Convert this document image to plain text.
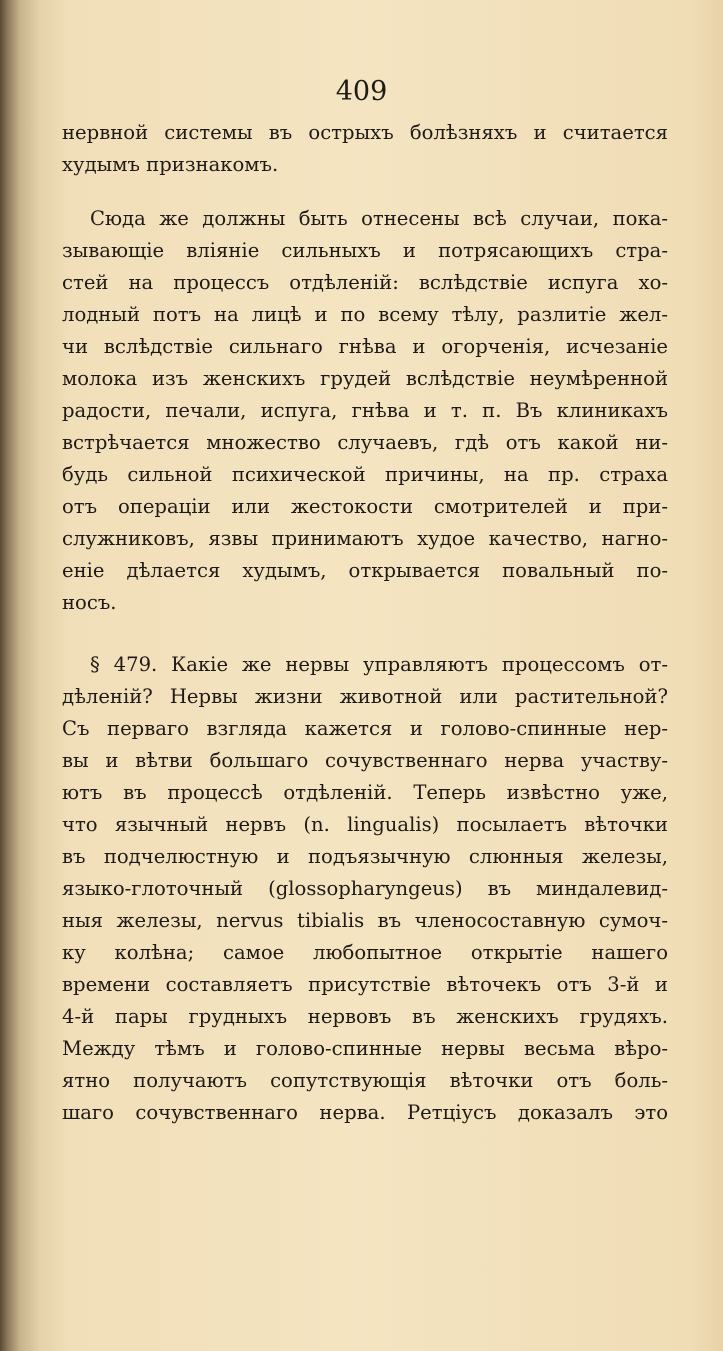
409
нервной системы въ острыхъ болѣзняхъ и считается
худымъ признакомъ.
Сюда же должны быть отнесены всѣ случаи, пока-
зывающіе вліяніе сильныхъ и потрясающихъ стра-
стей на процессъ отдѣленій: вслѣдствіе испуга хо-
лодный потъ на лицѣ и по всему тѣлу, разлитіе жел-
чи вслѣдствіе сильнаго гнѣва и огорченія, исчезаніе
молока изъ женскихъ грудей вслѣдствіе неумѣренной
радости, печали, испуга, гнѣва и т. п. Въ клиникахъ
встрѣчается множество случаевъ, гдѣ отъ какой ни-
будь сильной психической причины, на пр. страха
отъ операціи или жестокости смотрителей и при-
служниковъ, язвы принимаютъ худое качество, нагно-
еніе дѣлается худымъ, открывается повальный по-
носъ.
§ 479. Какіе же нервы управляютъ процессомъ от-
дѣленій? Нервы жизни животной или растительной?
Съ перваго взгляда кажется и голово-спинные нер-
вы и вѣтви большаго сочувственнаго нерва участву-
ютъ въ процессѣ отдѣленій. Теперь извѣстно уже,
что язычный нервъ (n. lingualis) посылаетъ вѣточки
въ подчелюстную и подъязычную слюнныя железы,
языко-глоточный (glossopharyngeus) въ миндалевид-
ныя железы, nervus tibialis въ членосоставную сумоч-
ку колѣна; самое любопытное открытіе нашего
времени составляетъ присутствіе вѣточекъ отъ 3-й и
4-й пары грудныхъ нервовъ въ женскихъ грудяхъ.
Между тѣмъ и голово-спинные нервы весьма вѣро-
ятно получаютъ сопутствующія вѣточки отъ боль-
шаго сочувственнаго нерва. Ретціусъ доказалъ это
